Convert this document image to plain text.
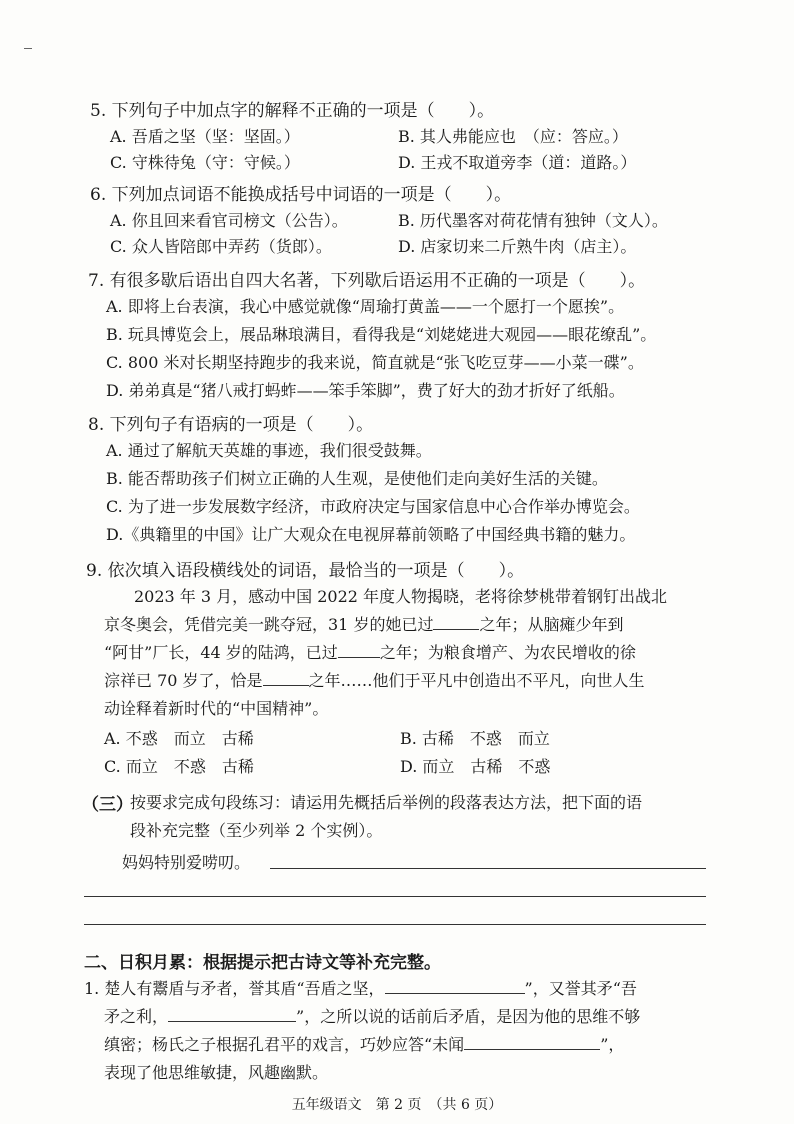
5. 下列句子中加点字的解释不正确的一项是（　　）。
A. 吾盾之坚（坚：坚固。）	B. 其人弗能应也　（应：答应。）
C. 守株待兔（守：守候。）	D. 王戎不取道旁李（道：道路。）
6. 下列加点词语不能换成括号中词语的一项是（　　）。
A. 你且回来看官司榜文（公告）。	B. 历代墨客对荷花情有独钟（文人）。
C. 众人皆陪郎中弄药（货郎）。	D. 店家切来二斤熟牛肉（店主）。
7. 有很多歇后语出自四大名著，下列歇后语运用不正确的一项是（　　）。
A. 即将上台表演，我心中感觉就像“周瑜打黄盖——一个愿打一个愿挨”。
B. 玩具博览会上，展品琳琅满目，看得我是“刘姥姥进大观园——眼花缭乱”。
C. 800 米对长期坚持跑步的我来说，简直就是“张飞吃豆芽——小菜一碟”。
D. 弟弟真是“猪八戒打蚂蚱——笨手笨脚”，费了好大的劲才折好了纸船。
8. 下列句子有语病的一项是（　　）。
A. 通过了解航天英雄的事迹，我们很受鼓舞。
B. 能否帮助孩子们树立正确的人生观，是使他们走向美好生活的关键。
C. 为了进一步发展数字经济，市政府决定与国家信息中心合作举办博览会。
D.《典籍里的中国》让广大观众在电视屏幕前领略了中国经典书籍的魅力。
9. 依次填入语段横线处的词语，最恰当的一项是（　　）。
2023 年 3 月，感动中国 2022 年度人物揭晓，老将徐梦桃带着钢钉出战北
京冬奥会，凭借完美一跳夺冠，31 岁的她已过	之年；从脑瘫少年到
“阿甘”厂长，44 岁的陆鸿，已过	之年；为粮食增产、为农民增收的徐
淙祥已 70 岁了，恰是	之年……他们于平凡中创造出不平凡，向世人生
动诠释着新时代的“中国精神”。
A. 不惑　而立　古稀	B. 古稀　不惑　而立
C. 而立　不惑　古稀	D. 而立　古稀　不惑
（三）
按要求完成句段练习：请运用先概括后举例的段落表达方法，把下面的语
段补充完整（至少列举 2 个实例）。
妈妈特别爱唠叨。
二、日积月累：根据提示把古诗文等补充完整。
1. 楚人有鬻盾与矛者，誉其盾“吾盾之坚，	”，又誉其矛“吾
矛之利，	”，之所以说的话前后矛盾，是因为他的思维不够
缜密；杨氏之子根据孔君平的戏言，巧妙应答“未闻	”，
表现了他思维敏捷，风趣幽默。
五年级语文　第 2 页　（共 6 页）
